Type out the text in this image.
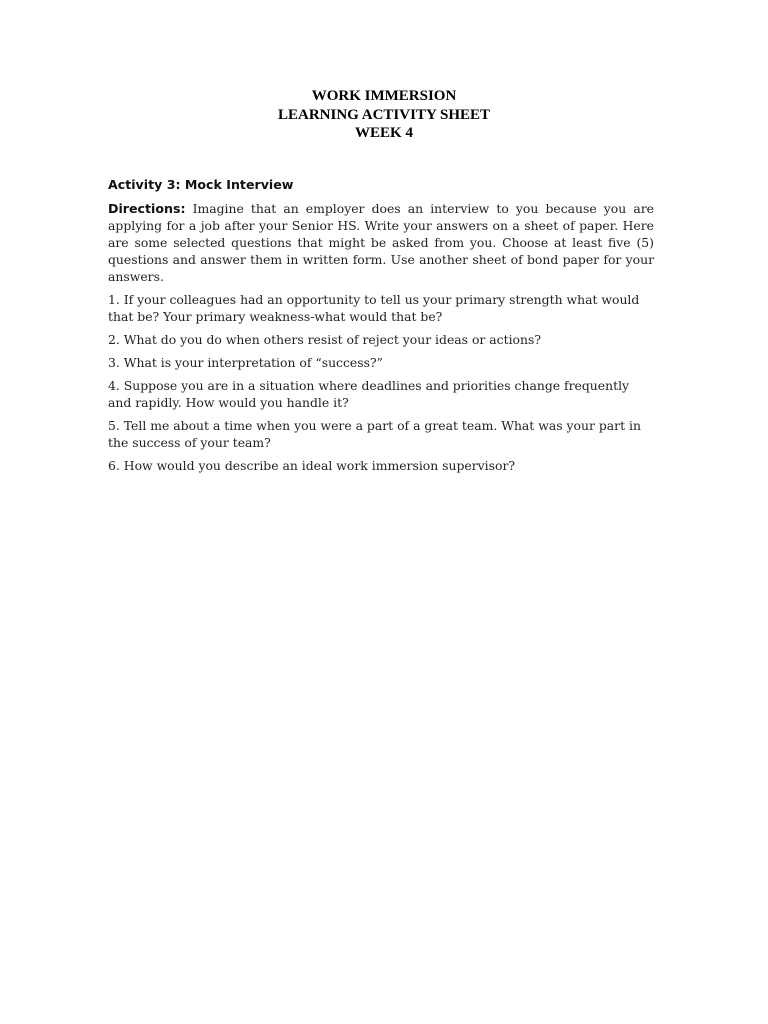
WORK IMMERSION
LEARNING ACTIVITY SHEET
WEEK 4
Activity 3: Mock Interview

Directions: Imagine that an employer does an interview to you because you are applying for a job after your Senior HS. Write your answers on a sheet of paper. Here are some selected questions that might be asked from you. Choose at least five (5) questions and answer them in written form. Use another sheet of bond paper for your answers.

1. If your colleagues had an opportunity to tell us your primary strength what would that be? Your primary weakness-what would that be?

2. What do you do when others resist of reject your ideas or actions?

3. What is your interpretation of “success?”

4. Suppose you are in a situation where deadlines and priorities change frequently and rapidly. How would you handle it?

5. Tell me about a time when you were a part of a great team. What was your part in the success of your team?

6. How would you describe an ideal work immersion supervisor?
